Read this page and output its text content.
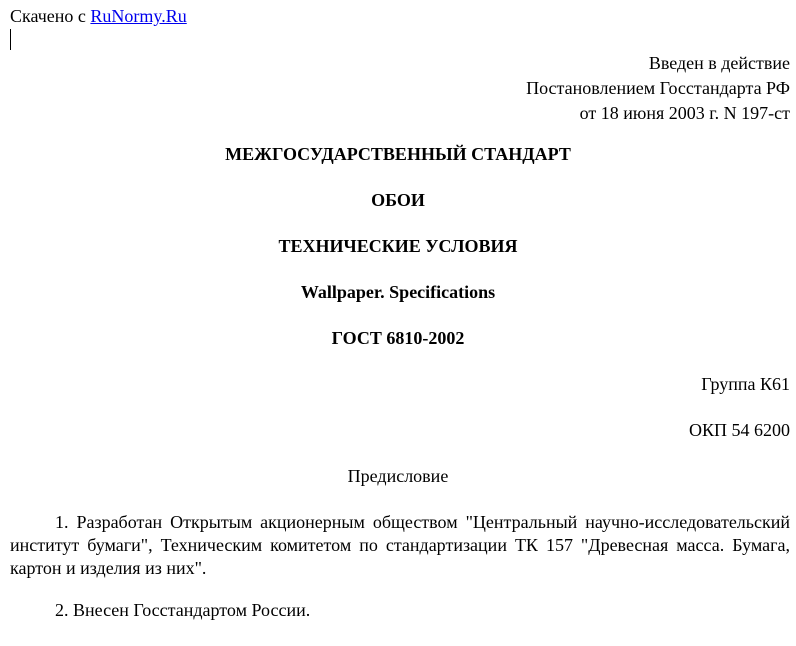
Скачено с RuNormy.Ru
Введен в действие
Постановлением Госстандарта РФ
от 18 июня 2003 г. N 197-ст
МЕЖГОСУДАРСТВЕННЫЙ СТАНДАРТ
ОБОИ
ТЕХНИЧЕСКИЕ УСЛОВИЯ
Wallpaper. Specifications
ГОСТ 6810-2002
Группа К61
ОКП 54 6200
Предисловие
1. Разработан Открытым акционерным обществом "Центральный научно-исследовательский институт бумаги", Техническим комитетом по стандартизации ТК 157 "Древесная масса. Бумага, картон и изделия из них".
2. Внесен Госстандартом России.
